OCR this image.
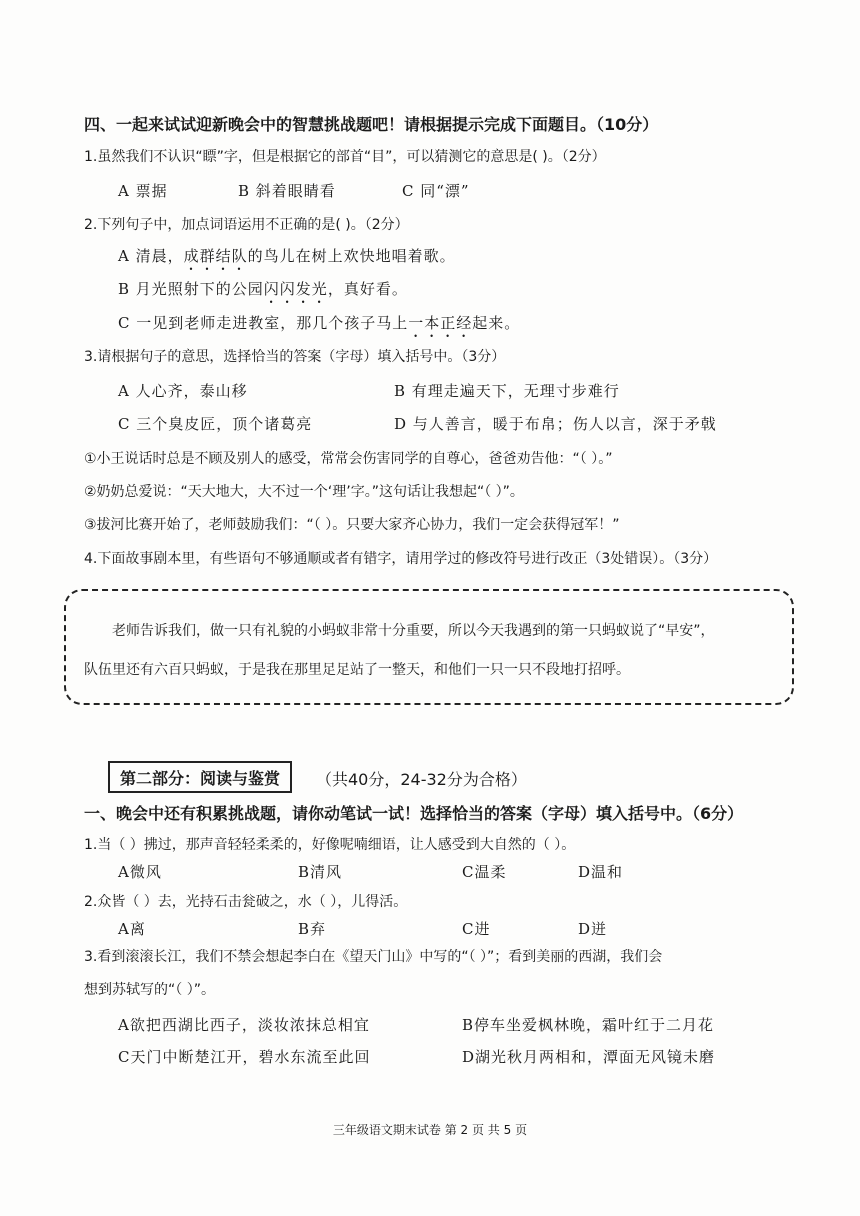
四、一起来试试迎新晚会中的智慧挑战题吧！请根据提示完成下面题目。（10分）
1.虽然我们不认识“瞟”字，但是根据它的部首“目”，可以猜测它的意思是( )。（2分）
A 票据	B 斜着眼睛看	C 同“漂”
2.下列句子中，加点词语运用不正确的是( )。（2分）
A 清晨，成群结队的鸟儿在树上欢快地唱着歌。
B 月光照射下的公园闪闪发光，真好看。
C 一见到老师走进教室，那几个孩子马上一本正经起来。
3.请根据句子的意思，选择恰当的答案（字母）填入括号中。（3分）
A 人心齐，泰山移	B 有理走遍天下，无理寸步难行
C 三个臭皮匠，顶个诸葛亮	D 与人善言，暖于布帛；伤人以言，深于矛戟
①小王说话时总是不顾及别人的感受，常常会伤害同学的自尊心，爸爸劝告他：“（ ）。”
②奶奶总爱说：“天大地大，大不过一个‘理’字。”这句话让我想起“（ ）”。
③拔河比赛开始了，老师鼓励我们：“（ ）。只要大家齐心协力，我们一定会获得冠军！”
4.下面故事剧本里，有些语句不够通顺或者有错字，请用学过的修改符号进行改正（3处错误）。（3分）
老师告诉我们，做一只有礼貌的小蚂蚁非常十分重要，所以今天我遇到的第一只蚂蚁说了“早安”，
队伍里还有六百只蚂蚁，于是我在那里足足站了一整天，和他们一只一只不段地打招呼。
第二部分：阅读与鉴赏 （共40分，24-32分为合格）
一、晚会中还有积累挑战题，请你动笔试一试！选择恰当的答案（字母）填入括号中。（6分）
1.当（ ）拂过，那声音轻轻柔柔的，好像呢喃细语，让人感受到大自然的（ ）。
A微风	B清风	C温柔	D温和
2.众皆（ ）去，光持石击瓮破之，水（ ），儿得活。
A离	B弃	C进	D迸
3.看到滚滚长江，我们不禁会想起李白在《望天门山》中写的“（ ）”；看到美丽的西湖，我们会
想到苏轼写的“（ ）”。
A欲把西湖比西子，淡妆浓抹总相宜	B停车坐爱枫林晚，霜叶红于二月花
C天门中断楚江开，碧水东流至此回	D湖光秋月两相和，潭面无风镜未磨
三年级语文期末试卷 第 2 页 共 5 页
